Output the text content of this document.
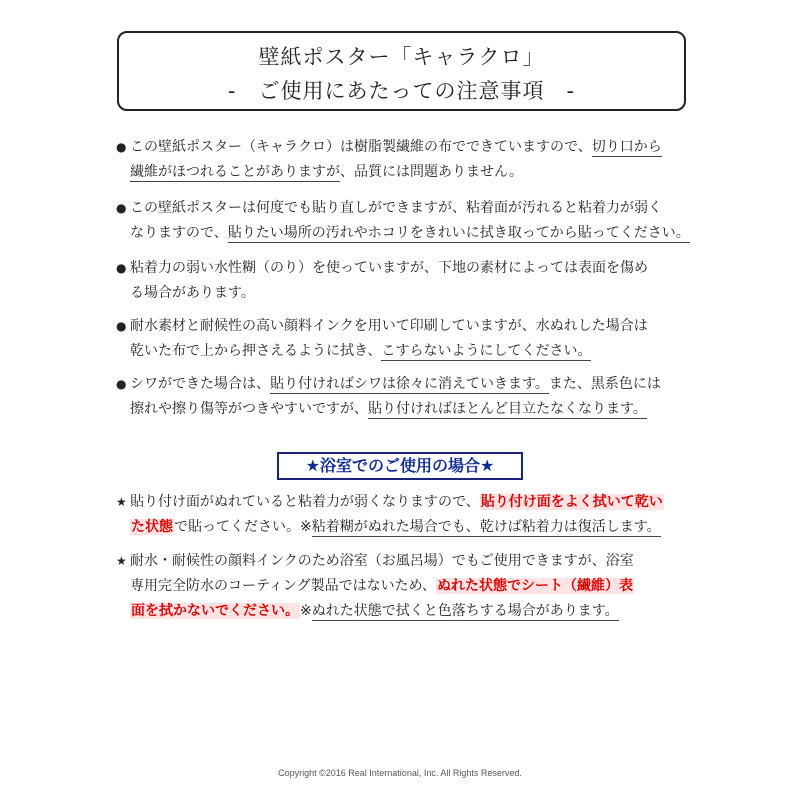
壁紙ポスター「キャラクロ」
-　ご使用にあたっての注意事項　-
● この壁紙ポスター（キャラクロ）は樹脂製繊維の布でできていますので、切り口から
繊維がほつれることがありますが、品質には問題ありません。
● この壁紙ポスターは何度でも貼り直しができますが、粘着面が汚れると粘着力が弱く
なりますので、貼りたい場所の汚れやホコリをきれいに拭き取ってから貼ってください。
● 粘着力の弱い水性糊（のり）を使っていますが、下地の素材によっては表面を傷め
る場合があります。
● 耐水素材と耐候性の高い顔料インクを用いて印刷していますが、水ぬれした場合は
乾いた布で上から押さえるように拭き、こすらないようにしてください。
● シワができた場合は、貼り付ければシワは徐々に消えていきます。また、黒系色には
擦れや擦り傷等がつきやすいですが、貼り付ければほとんど目立たなくなります。
★浴室でのご使用の場合★
★ 貼り付け面がぬれていると粘着力が弱くなりますので、貼り付け面をよく拭いて乾い
た状態で貼ってください。※粘着糊がぬれた場合でも、乾けば粘着力は復活します。
★ 耐水・耐候性の顔料インクのため浴室（お風呂場）でもご使用できますが、浴室
専用完全防水のコーティング製品ではないため、ぬれた状態でシート（繊維）表
面を拭かないでください。※ぬれた状態で拭くと色落ちする場合があります。
Copyright ©2016 Real International, Inc. All Rights Reserved.
